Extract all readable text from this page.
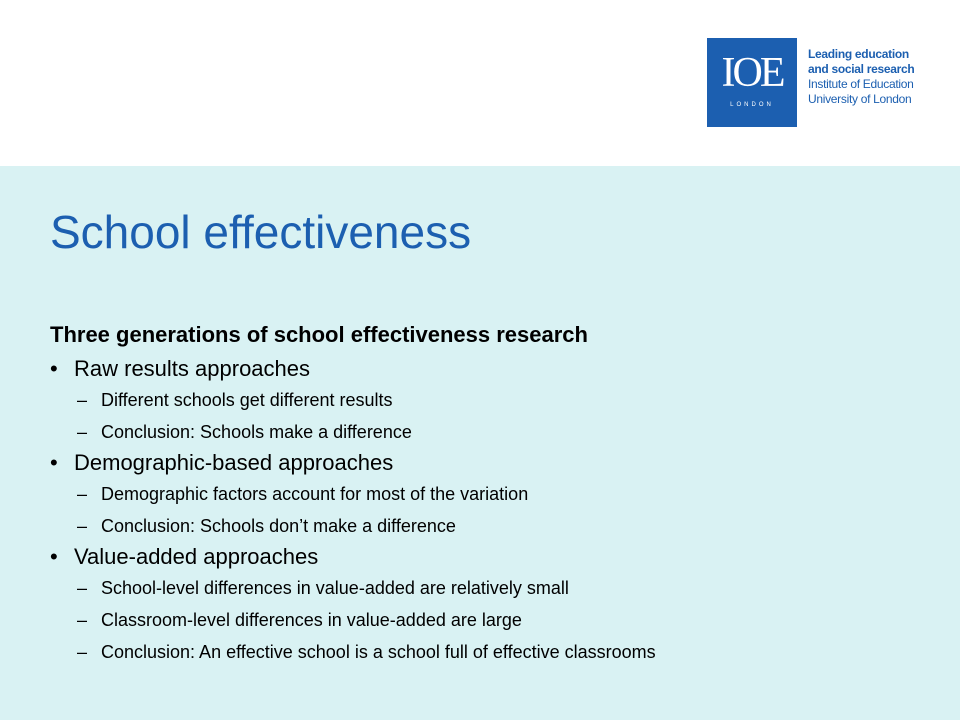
IOE
LONDON
Leading education
and social research
Institute of Education
University of London
School effectiveness
Three generations of school effectiveness research
• Raw results approaches
– Different schools get different results
– Conclusion: Schools make a difference
• Demographic-based approaches
– Demographic factors account for most of the variation
– Conclusion: Schools don’t make a difference
• Value-added approaches
– School-level differences in value-added are relatively small
– Classroom-level differences in value-added are large
– Conclusion: An effective school is a school full of effective classrooms
